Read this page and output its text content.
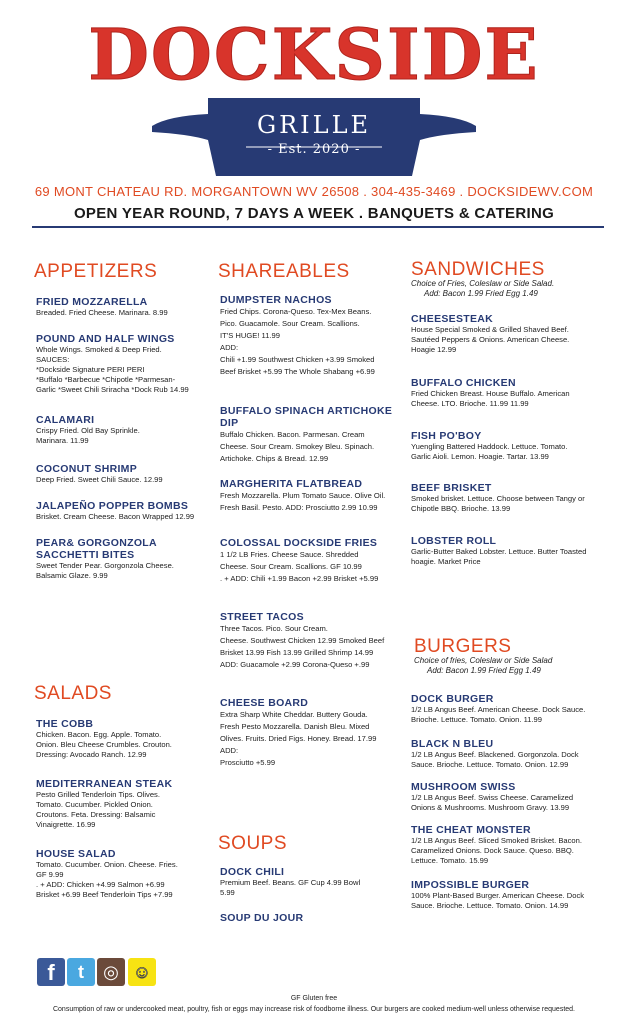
DOCKSIDE
GRILLE
- Est. 2020 -
69 MONT CHATEAU RD. MORGANTOWN WV 26508 . 304-435-3469 . DOCKSIDEWV.COM
OPEN YEAR ROUND, 7 DAYS A WEEK . BANQUETS & CATERING
APPETIZERS
FRIED MOZZARELLA
Breaded. Fried Cheese. Marinara. 8.99
POUND AND HALF WINGS
Whole Wings. Smoked & Deep Fried.
SAUCES:
*Dockside Signature PERI PERI
*Buffalo *Barbecue *Chipotle *Parmesan-
Garlic *Sweet Chili Sriracha *Dock Rub 14.99
CALAMARI
Crispy Fried. Old Bay Sprinkle.
Marinara. 11.99
COCONUT SHRIMP
Deep Fried. Sweet Chili Sauce. 12.99
JALAPEÑO POPPER BOMBS
Brisket. Cream Cheese. Bacon Wrapped 12.99
PEAR& GORGONZOLA
SACCHETTI BITES
Sweet Tender Pear. Gorgonzola Cheese.
Balsamic Glaze. 9.99
SALADS
THE COBB
Chicken. Bacon. Egg. Apple. Tomato.
Onion. Bleu Cheese Crumbles. Crouton.
Dressing: Avocado Ranch. 12.99
MEDITERRANEAN STEAK
Pesto Grilled Tenderloin Tips. Olives.
Tomato. Cucumber. Pickled Onion.
Croutons. Feta. Dressing: Balsamic
Vinaigrette. 16.99
HOUSE SALAD
Tomato. Cucumber. Onion. Cheese. Fries.
GF 9.99
. + ADD: Chicken +4.99 Salmon +6.99
Brisket +6.99 Beef Tenderloin Tips +7.99
SHAREABLES
DUMPSTER NACHOS
Fried Chips. Corona-Queso. Tex-Mex Beans.
Pico. Guacamole. Sour Cream. Scallions.
IT'S HUGE! 11.99
ADD:
Chili +1.99 Southwest Chicken +3.99 Smoked
Beef Brisket +5.99 The Whole Shabang +6.99
BUFFALO SPINACH ARTICHOKE DIP
Buffalo Chicken. Bacon. Parmesan. Cream
Cheese. Sour Cream. Smokey Bleu. Spinach.
Artichoke. Chips & Bread. 12.99
MARGHERITA FLATBREAD
Fresh Mozzarella. Plum Tomato Sauce. Olive Oil.
Fresh Basil. Pesto. ADD: Prosciutto 2.99 10.99
COLOSSAL DOCKSIDE FRIES
1 1/2 LB Fries. Cheese Sauce. Shredded
Cheese. Sour Cream. Scallions. GF 10.99
. + ADD: Chili +1.99 Bacon +2.99 Brisket +5.99
STREET TACOS
Three Tacos. Pico. Sour Cream.
Cheese. Southwest Chicken 12.99 Smoked Beef
Brisket 13.99 Fish 13.99 Grilled Shrimp 14.99
ADD: Guacamole +2.99 Corona-Queso +.99
CHEESE BOARD
Extra Sharp White Cheddar. Buttery Gouda.
Fresh Pesto Mozzarella. Danish Bleu. Mixed
Olives. Fruits. Dried Figs. Honey. Bread. 17.99
ADD:
Prosciutto +5.99
SOUPS
DOCK CHILI
Premium Beef. Beans. GF Cup 4.99 Bowl
5.99
SOUP DU JOUR
SANDWICHES
Choice of Fries, Coleslaw or Side Salad.
Add: Bacon 1.99 Fried Egg 1.49
CHEESESTEAK
House Special Smoked & Grilled Shaved Beef.
Sautéed Peppers & Onions. American Cheese.
Hoagie 12.99
BUFFALO CHICKEN
Fried Chicken Breast. House Buffalo. American
Cheese. LTO. Brioche. 11.99 11.99
FISH PO'BOY
Yuengling Battered Haddock. Lettuce. Tomato.
Garlic Aioli. Lemon. Hoagie. Tartar. 13.99
BEEF BRISKET
Smoked brisket. Lettuce. Choose between Tangy or
Chipotle BBQ. Brioche. 13.99
LOBSTER ROLL
Garlic-Butter Baked Lobster. Lettuce. Butter Toasted
hoagie. Market Price
BURGERS
Choice of fries, Coleslaw or Side Salad
Add: Bacon 1.99 Fried Egg 1.49
DOCK BURGER
1/2 LB Angus Beef. American Cheese. Dock Sauce.
Brioche. Lettuce. Tomato. Onion. 11.99
BLACK N BLEU
1/2 LB Angus Beef. Blackened. Gorgonzola. Dock
Sauce. Brioche. Lettuce. Tomato. Onion. 12.99
MUSHROOM SWISS
1/2 LB Angus Beef. Swiss Cheese. Caramelized
Onions & Mushrooms. Mushroom Gravy. 13.99
THE CHEAT MONSTER
1/2 LB Angus Beef. Sliced Smoked Brisket. Bacon.
Caramelized Onions. Dock Sauce. Queso. BBQ.
Lettuce. Tomato. 15.99
IMPOSSIBLE BURGER
100% Plant-Based Burger. American Cheese. Dock
Sauce. Brioche. Lettuce. Tomato. Onion. 14.99
f	t	◎ ☺
GF Gluten free
Consumption of raw or undercooked meat, poultry, fish or eggs may increase risk of foodborne illness. Our burgers are cooked medium-well unless otherwise requested.
